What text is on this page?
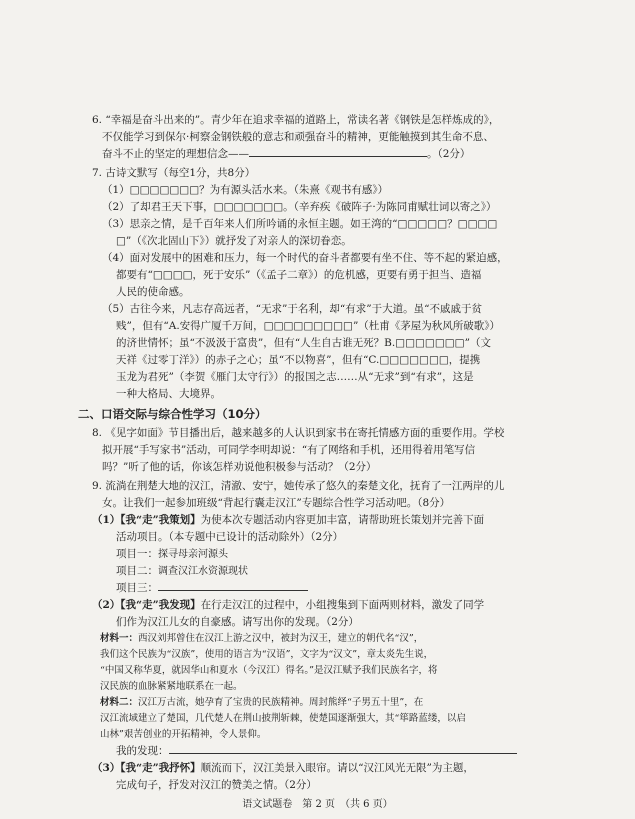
6. “幸福是奋斗出来的”。青少年在追求幸福的道路上，常读名著《钢铁是怎样炼成的》，
不仅能学习到保尔·柯察金钢铁般的意志和顽强奋斗的精神，更能触摸到其生命不息、
奋斗不止的坚定的理想信念——	。（2分）
7. 古诗文默写（每空1分，共8分）
（1）□□□□□□□？为有源头活水来。（朱熹《观书有感》）
（2）了却君王天下事，□□□□□□□。（辛弃疾《破阵子·为陈同甫赋壮词以寄之》）
（3）思亲之情，是千百年来人们所吟诵的永恒主题。如王湾的“□□□□□？□□□□
□”（《次北固山下》）就抒发了对亲人的深切眷恋。
（4）面对发展中的困难和压力，每一个时代的奋斗者都要有坐不住、等不起的紧迫感，
都要有“□□□□，死于安乐”（《孟子二章》）的危机感，更要有勇于担当、造福
人民的使命感。
（5）古往今来，凡志存高远者，“无求”于名利，却“有求”于大道。虽“不戚戚于贫
贱”，但有“A.安得广厦千万间，□□□□□□□□□”（杜甫《茅屋为秋风所破歌》）
的济世情怀；虽“不汲汲于富贵”，但有“人生自古谁无死？B.□□□□□□□”（文
天祥《过零丁洋》）的赤子之心；虽“不以物喜”，但有“C.□□□□□□□，提携
玉龙为君死”（李贺《雁门太守行》）的报国之志……从“无求”到“有求”，这是
一种大格局、大境界。
二、口语交际与综合性学习（10分）
8. 《见字如面》节目播出后，越来越多的人认识到家书在寄托情感方面的重要作用。学校
拟开展“手写家书”活动，可同学李明却说：“有了网络和手机，还用得着用笔写信
吗？”听了他的话，你该怎样劝说他积极参与活动？（2分）
9. 流淌在荆楚大地的汉江，清澈、安宁，她传承了悠久的秦楚文化，抚育了一江两岸的儿
女。让我们一起参加班级“背起行囊走汉江”专题综合性学习活动吧。（8分）
（1）【我“走”我策划】为使本次专题活动内容更加丰富，请帮助班长策划并完善下面
活动项目。（本专题中已设计的活动除外）（2分）
项目一：探寻母亲河源头
项目二：调查汉江水资源现状
项目三：
（2）【我“走”我发现】在行走汉江的过程中，小组搜集到下面两则材料，激发了同学
们作为汉江儿女的自豪感。请写出你的发现。（2分）
材料一：西汉刘邦曾住在汉江上游之汉中，被封为汉王，建立的朝代名“汉”，
我们这个民族为“汉族”，使用的语言为“汉语”，文字为“汉文”，章太炎先生说，
“中国又称华夏，就因华山和夏水（今汉江）得名。”是汉江赋予我们民族名字，将
汉民族的血脉紧紧地联系在一起。
材料二：汉江万古流，她孕育了宝贵的民族精神。周封熊绎“子男五十里”，在
汉江流域建立了楚国，几代楚人在荆山披荆斩棘，使楚国逐渐强大，其“筚路蓝缕，以启
山林”艰苦创业的开拓精神，令人景仰。
我的发现：
（3）【我“走”我抒怀】顺流而下，汉江美景入眼帘。请以“汉江风光无限”为主题，
完成句子，抒发对汉江的赞美之情。（2分）
语文试题卷　第 2 页　（共 6 页）
